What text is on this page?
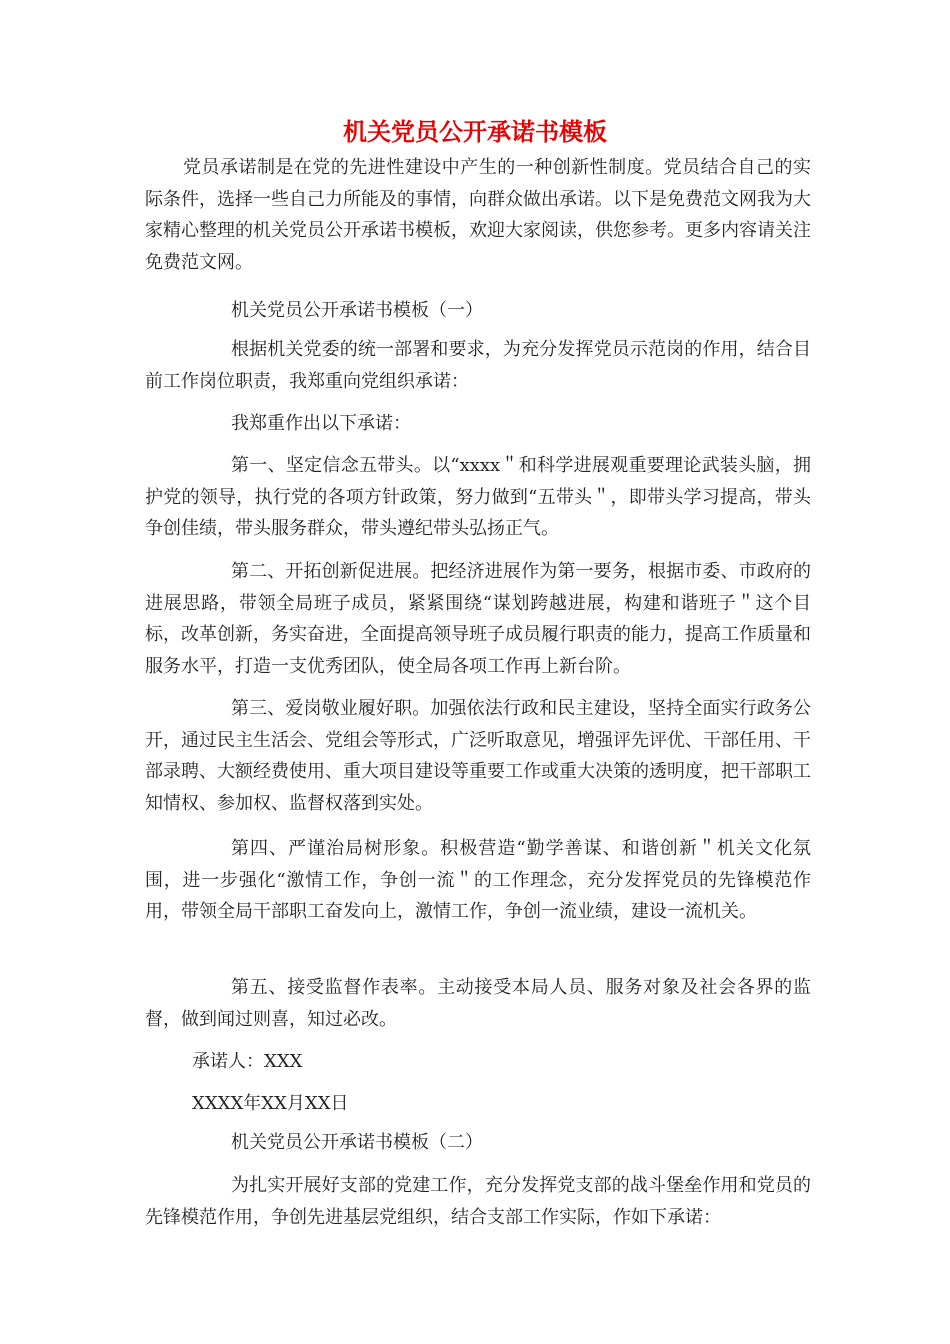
机关党员公开承诺书模板

党员承诺制是在党的先进性建设中产生的一种创新性制度。党员结合自己的实际条件，选择一些自己力所能及的事情，向群众做出承诺。以下是免费范文网我为大家精心整理的机关党员公开承诺书模板，欢迎大家阅读，供您参考。更多内容请关注免费范文网。

机关党员公开承诺书模板（一）

根据机关党委的统一部署和要求，为充分发挥党员示范岗的作用，结合目前工作岗位职责，我郑重向党组织承诺：

我郑重作出以下承诺：

第一、坚定信念五带头。以“xxxx＂和科学进展观重要理论武装头脑，拥护党的领导，执行党的各项方针政策，努力做到“五带头＂，即带头学习提高，带头争创佳绩，带头服务群众，带头遵纪带头弘扬正气。

第二、开拓创新促进展。把经济进展作为第一要务，根据市委、市政府的进展思路，带领全局班子成员，紧紧围绕“谋划跨越进展，构建和谐班子＂这个目标，改革创新，务实奋进，全面提高领导班子成员履行职责的能力，提高工作质量和服务水平，打造一支优秀团队，使全局各项工作再上新台阶。

第三、爱岗敬业履好职。加强依法行政和民主建设，坚持全面实行政务公开，通过民主生活会、党组会等形式，广泛听取意见，增强评先评优、干部任用、干部录聘、大额经费使用、重大项目建设等重要工作或重大决策的透明度，把干部职工知情权、参加权、监督权落到实处。

第四、严谨治局树形象。积极营造“勤学善谋、和谐创新＂机关文化氛围，进一步强化“激情工作，争创一流＂的工作理念，充分发挥党员的先锋模范作用，带领全局干部职工奋发向上，激情工作，争创一流业绩，建设一流机关。

第五、接受监督作表率。主动接受本局人员、服务对象及社会各界的监督，做到闻过则喜，知过必改。

承诺人：XXX

XXXX年XX月XX日

机关党员公开承诺书模板（二）

为扎实开展好支部的党建工作，充分发挥党支部的战斗堡垒作用和党员的先锋模范作用，争创先进基层党组织，结合支部工作实际，作如下承诺：
